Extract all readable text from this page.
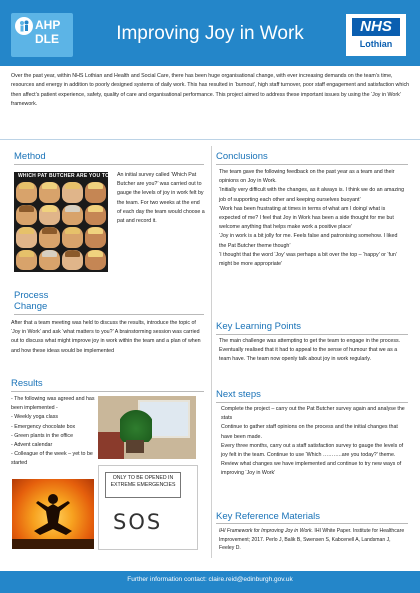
AHP
DLE	Improving Joy in Work	NHS
Lothian
Over the past year, within NHS Lothian and Health and Social Care, there has been huge organisational change, with ever increasing demands on the team’s time, resources and energy in addition to poorly designed systems of daily work. This has resulted in ‘burnout’, high staff turnover, poor staff engagement and satisfaction which then affect’s patient experience, safety, quality of care and organisational performance. This project aimed to address these important issues by using the ‘Joy in Work’ framework.
Method
WHICH PAT BUTCHER ARE YOU TODAY?
An initial survey called ‘Which Pat Butcher are you?’ was carried out to gauge the levels of joy in work felt by the team. For two weeks at the end of each day the team would choose a pat and record it.
Process
Change
After that a team meeting was held to discuss the results, introduce the topic of ‘Joy in Work’ and ask ‘what matters to you?’ A brainstorming session was carried out to discuss what might improve joy in work within the team and a plan of when and how these ideas would be implemented
Results

- The following was agreed and has been implemented -

- Weekly yoga class

- Emergency chocolate box

- Green plants in the office

- Advent calendar

- Colleague of the week – yet to be started

ONLY TO BE OPENED IN EXTREME EMERGENCIES
SOS
Conclusions

The team gave the following feedback on the past year as a team and their opinions on Joy in Work.

‘Initially very difficult with the changes, as it always is. I think we do an amazing job of supporting each other and keeping ourselves buoyant’

‘Work has been frustrating at times in terms of what am I doing/ what is expected of me? I feel that Joy in Work has been a side thought for me but welcome anything that helps make work a positive place’

‘Joy in work is a bit jolly for me. Feels false and patronising somehow. I liked the Pat Butcher theme though’

‘I thought that the word ‘Joy’ was perhaps a bit over the top – ‘happy’ or ‘fun’ might be more appropriate’

Key Learning Points
The main challenge was attempting to get the team to engage in the process. Eventually realised that it had to appeal to the sense of humour that we as a team have. The team now openly talk about joy in work regularly.
Next steps

Complete the project – carry out the Pat Butcher survey again and analyse the stats

Continue to gather staff opinions on the process and the initial changes that have been made.

Every three months, carry out a staff satisfaction survey to gauge the levels of joy felt in the team. Continue to use ‘Which ………..are you today?’ theme.

Review what changes we have implemented and continue to try new ways of improving ‘Joy in Work’

Key Reference Materials
IHI Framework for Improving Joy in Work. IHI White Paper. Institute for Healthcare Improvement; 2017. Perlo J, Balik B, Swensen S, Kabcenell A, Landsman J, Feeley D.
Further information contact: claire.reid@edinburgh.gov.uk
